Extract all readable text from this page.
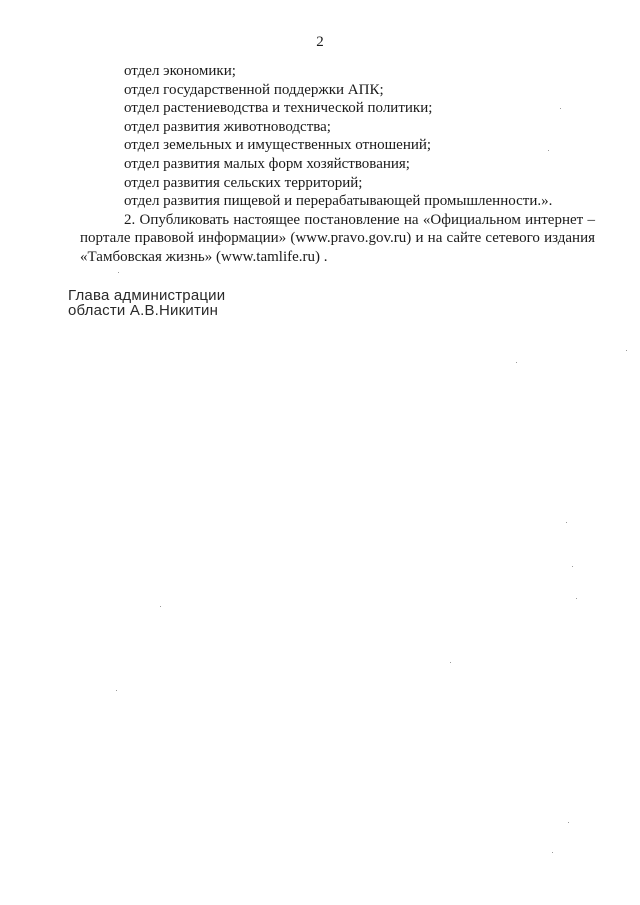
2
отдел экономики;
отдел государственной поддержки АПК;
отдел растениеводства и технической политики;
отдел развития животноводства;
отдел земельных и имущественных отношений;
отдел развития малых форм хозяйствования;
отдел развития сельских территорий;
отдел развития пищевой и перерабатывающей промышленности.».

2. Опубликовать настоящее постановление на «Официальном интернет – портале правовой информации» (www.pravo.gov.ru) и на сайте сетевого издания «Тамбовская жизнь» (www.tamlife.ru) .

Глава администрации
области А.В.Никитин
